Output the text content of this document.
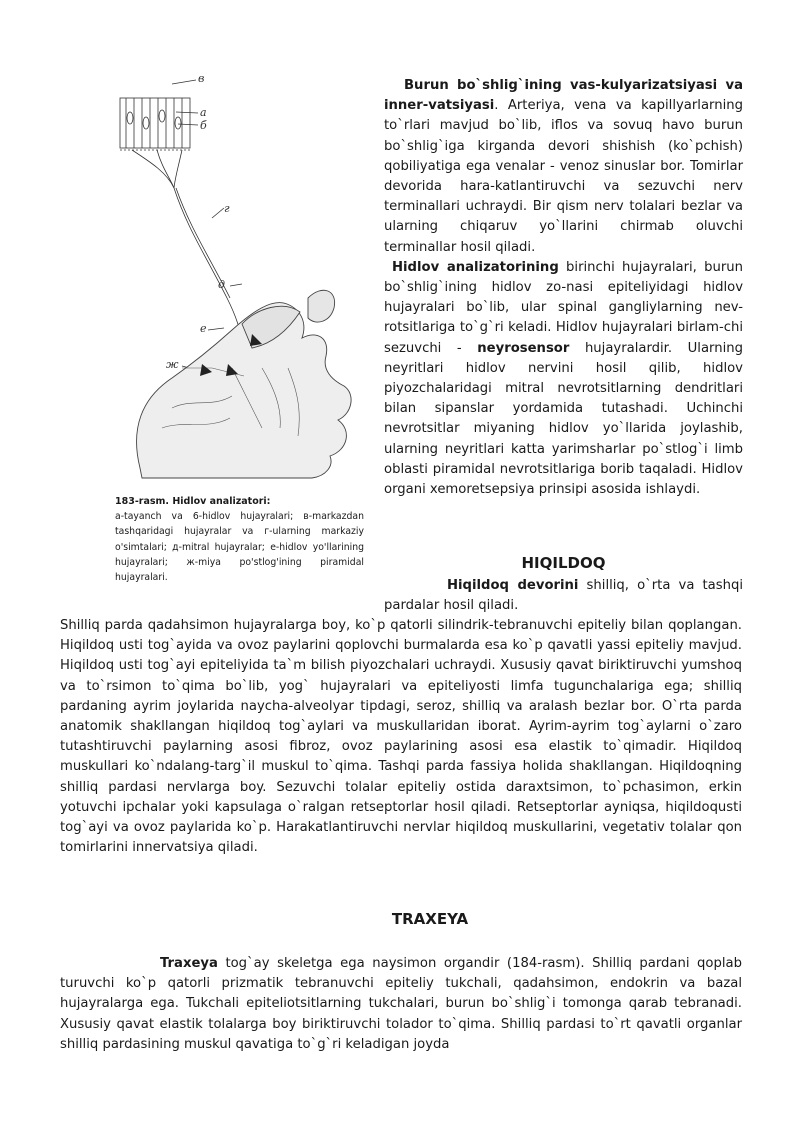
в
а
б
г
д
е
ж
183-rasm. Hidlov analizatori:
a-tayanch va 6-hidlov hujayralari; в-markazdan tashqaridagi hujayralar va г-ularning markaziy o'simtalari; д-mitral hujayralar; e-hidlov yo'llarining hujayralari; ж-miya po'stlog'ining piramidal hujayralari.

Burun bo`shlig`ining vas-kulyarizatsiyasi va inner-vatsiyasi. Arteriya, vena va kapillyarlarning to`rlari mavjud bo`lib, iflos va sovuq havo burun bo`shlig`iga kirganda devori shishish (ko`pchish) qobiliyatiga ega venalar - venoz sinuslar bor. Tomirlar devorida hara-katlantiruvchi va sezuvchi nerv terminallari uchraydi. Bir qism nerv tolalari bezlar va ularning chiqaruv yo`llarini chirmab oluvchi terminallar hosil qiladi.

Hidlov analizatorining birinchi hujayralari, burun bo`shlig`ining hidlov zo-nasi epiteliyidagi hidlov hujayralari bo`lib, ular spinal gangliylarning nev-rotsitlariga to`g`ri keladi. Hidlov hujayralari birlam-chi sezuvchi - neyrosensor hujayralardir. Ularning neyritlari hidlov nervini hosil qilib, hidlov piyozchalaridagi mitral nevrotsitlarning dendritlari bilan sipanslar yordamida tutashadi. Uchinchi nevrotsitlar miyaning hidlov yo`llarida joylashib, ularning neyritlari katta yarimsharlar po`stlog`i limb oblasti piramidal nevrotsitlariga borib taqaladi. Hidlov organi xemoretsepsiya prinsipi asosida ishlaydi.

HIQILDOQ

Hiqildoq devorini shilliq, o`rta va tashqi pardalar hosil qiladi.

Shilliq parda qadahsimon hujayralarga boy, ko`p qatorli silindrik-tebranuvchi epiteliy bilan qoplangan. Hiqildoq usti tog`ayida va ovoz paylarini qoplovchi burmalarda esa ko`p qavatli yassi epiteliy mavjud. Hiqildoq usti tog`ayi epiteliyida ta`m bilish piyozchalari uchraydi. Xususiy qavat biriktiruvchi yumshoq va to`rsimon to`qima bo`lib, yog` hujayralari va epiteliyosti limfa tugunchalariga ega; shilliq pardaning ayrim joylarida naycha-alveolyar tipdagi, seroz, shilliq va aralash bezlar bor. O`rta parda anatomik shakllangan hiqildoq tog`aylari va muskullaridan iborat. Ayrim-ayrim tog`aylarni o`zaro tutashtiruvchi paylarning asosi fibroz, ovoz paylarining asosi esa elastik to`qimadir. Hiqildoq muskullari ko`ndalang-targ`il muskul to`qima. Tashqi parda fassiya holida shakllangan. Hiqildoqning shilliq pardasi nervlarga boy. Sezuvchi tolalar epiteliy ostida daraxtsimon, to`pchasimon, erkin yotuvchi ipchalar yoki kapsulaga o`ralgan retseptorlar hosil qiladi. Retseptorlar ayniqsa, hiqildoqusti tog`ayi va ovoz paylarida ko`p. Harakatlantiruvchi nervlar hiqildoq muskullarini, vegetativ tolalar qon tomirlarini innervatsiya qiladi.

TRAXEYA

Traxeya tog`ay skeletga ega naysimon organdir (184-rasm). Shilliq pardani qoplab turuvchi ko`p qatorli prizmatik tebranuvchi epiteliy tukchali, qadahsimon, endokrin va bazal hujayralarga ega. Tukchali epiteliotsitlarning tukchalari, burun bo`shlig`i tomonga qarab tebranadi. Xususiy qavat elastik tolalarga boy biriktiruvchi tolador to`qima. Shilliq pardasi to`rt qavatli organlar shilliq pardasining muskul qavatiga to`g`ri keladigan joyda
